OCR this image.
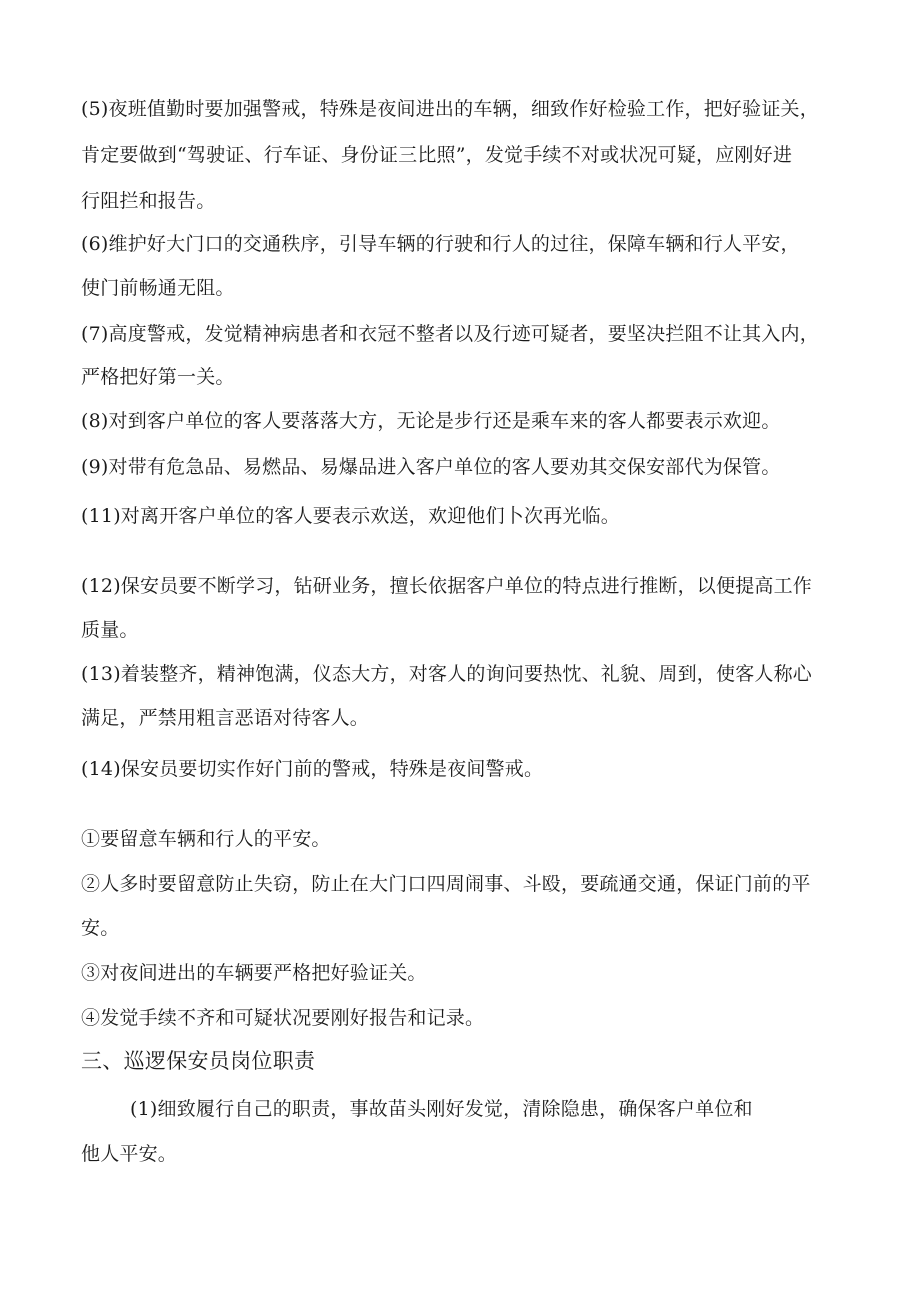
(5)夜班值勤时要加强警戒，特殊是夜间进出的车辆，细致作好检验工作，把好验证关，
肯定要做到“驾驶证、行车证、身份证三比照”，发觉手续不对或状况可疑，应刚好进
行阻拦和报告。
(6)维护好大门口的交通秩序，引导车辆的行驶和行人的过往，保障车辆和行人平安，
使门前畅通无阻。
(7)高度警戒，发觉精神病患者和衣冠不整者以及行迹可疑者，要坚决拦阻不让其入内，
严格把好第一关。
(8)对到客户单位的客人要落落大方，无论是步行还是乘车来的客人都要表示欢迎。
(9)对带有危急品、易燃品、易爆品进入客户单位的客人要劝其交保安部代为保管。
(11)对离开客户单位的客人要表示欢送，欢迎他们卜次再光临。
(12)保安员要不断学习，钻研业务，擅长依据客户单位的特点进行推断，以便提高工作
质量。
(13)着装整齐，精神饱满，仪态大方，对客人的询问要热忱、礼貌、周到，使客人称心
满足，严禁用粗言恶语对待客人。
(14)保安员要切实作好门前的警戒，特殊是夜间警戒。
①要留意车辆和行人的平安。
②人多时要留意防止失窃，防止在大门口四周闹事、斗殴，要疏通交通，保证门前的平
安。
③对夜间进出的车辆要严格把好验证关。
④发觉手续不齐和可疑状况要刚好报告和记录。
三、巡逻保安员岗位职责
(1)细致履行自己的职责，事故苗头刚好发觉，清除隐患，确保客户单位和
他人平安。
